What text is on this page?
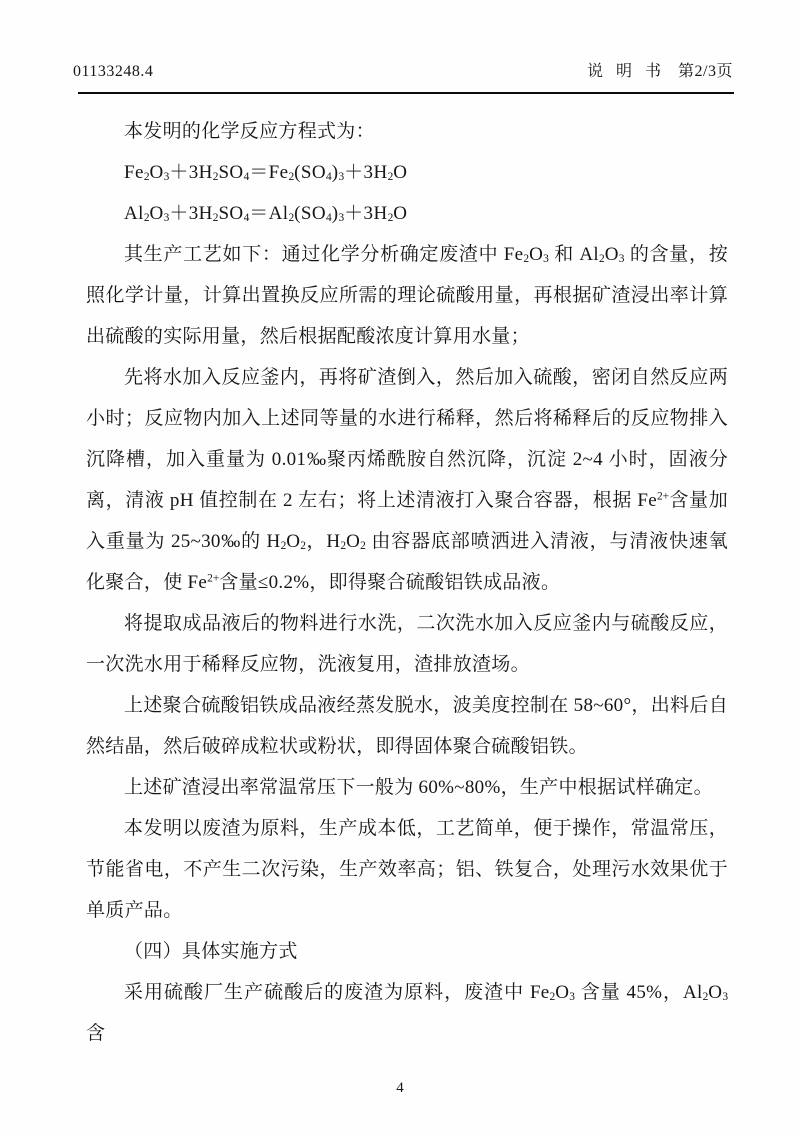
01133248.4	说明书 第2/3页

本发明的化学反应方程式为：

$Fe_2O_3+3H_2SO_4=Fe_2(SO_4)_3+3H_2O$

$Al_2O_3+3H_2SO_4=Al_2(SO_4)_3+3H_2O$

其生产工艺如下：通过化学分析确定废渣中 $Fe_2O_3$ 和 $Al_2O_3$ 的含量，按照化学计量，计算出置换反应所需的理论硫酸用量，再根据矿渣浸出率计算出硫酸的实际用量，然后根据配酸浓度计算用水量；

先将水加入反应釜内，再将矿渣倒入，然后加入硫酸，密闭自然反应两小时；反应物内加入上述同等量的水进行稀释，然后将稀释后的反应物排入沉降槽，加入重量为 0.01‰聚丙烯酰胺自然沉降，沉淀 2~4 小时，固液分离，清液 pH 值控制在 2 左右；将上述清液打入聚合容器，根据 $Fe^{2+}$含量加入重量为 25~30‰的 $H_2O_2$，$H_2O_2$ 由容器底部喷洒进入清液，与清液快速氧化聚合，使 $Fe^{2+}$含量≤0.2%，即得聚合硫酸铝铁成品液。

将提取成品液后的物料进行水洗，二次洗水加入反应釜内与硫酸反应，一次洗水用于稀释反应物，洗液复用，渣排放渣场。

上述聚合硫酸铝铁成品液经蒸发脱水，波美度控制在 58~60°，出料后自然结晶，然后破碎成粒状或粉状，即得固体聚合硫酸铝铁。

上述矿渣浸出率常温常压下一般为 60%~80%，生产中根据试样确定。

本发明以废渣为原料，生产成本低，工艺简单，便于操作，常温常压，节能省电，不产生二次污染，生产效率高；铝、铁复合，处理污水效果优于单质产品。

（四）具体实施方式

采用硫酸厂生产硫酸后的废渣为原料，废渣中 $Fe_2O_3$ 含量 45%，$Al_2O_3$ 含

4
